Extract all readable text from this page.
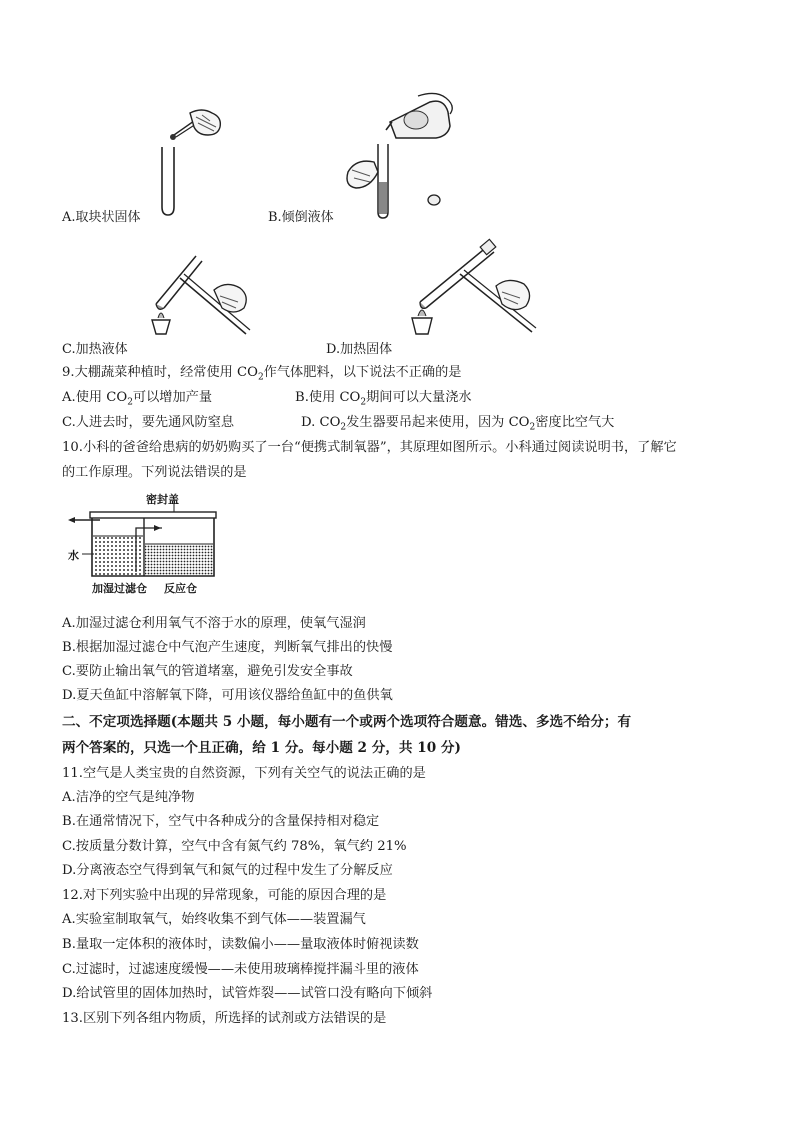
A.取块状固体	B.倾倒液体
C.加热液体	D.加热固体
9.大棚蔬菜种植时，经常使用 $CO_2$作气体肥料，以下说法不正确的是
A.使用 $CO_2$可以增加产量	B.使用 $CO_2$期间可以大量浇水
C.人进去时，要先通风防窒息	D. $CO_2$发生器要吊起来使用，因为 $CO_2$密度比空气大
10.小科的爸爸给患病的奶奶购买了一台“便携式制氧器”，其原理如图所示。小科通过阅读说明书，了解它
的工作原理。下列说法错误的是
密封盖
水
加湿过滤仓 反应仓
A.加湿过滤仓利用氧气不溶于水的原理，使氧气湿润
B.根据加湿过滤仓中气泡产生速度，判断氧气排出的快慢
C.要防止输出氧气的管道堵塞，避免引发安全事故
D.夏天鱼缸中溶解氧下降，可用该仪器给鱼缸中的鱼供氧
二、不定项选择题(本题共 5 小题，每小题有一个或两个选项符合题意。错选、多选不给分；有
两个答案的，只选一个且正确，给 1 分。每小题 2 分，共 10 分)
11.空气是人类宝贵的自然资源，下列有关空气的说法正确的是
A.洁净的空气是纯净物
B.在通常情况下，空气中各种成分的含量保持相对稳定
C.按质量分数计算，空气中含有氮气约 78%，氧气约 21%
D.分离液态空气得到氧气和氮气的过程中发生了分解反应
12.对下列实验中出现的异常现象，可能的原因合理的是
A.实验室制取氧气，始终收集不到气体——装置漏气
B.量取一定体积的液体时，读数偏小——量取液体时俯视读数
C.过滤时，过滤速度缓慢——未使用玻璃棒搅拌漏斗里的液体
D.给试管里的固体加热时，试管炸裂——试管口没有略向下倾斜
13.区别下列各组内物质，所选择的试剂或方法错误的是
